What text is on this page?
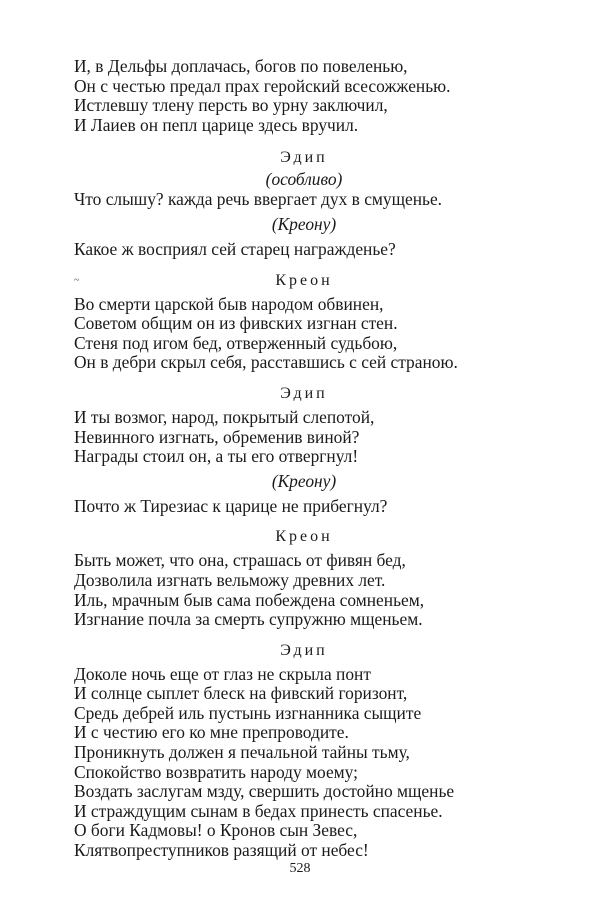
И, в Дельфы доплачась, богов по повеленью,
Он с честью предал прах геройский всесожженью.
Истлевшу тлену персть во урну заключил,
И Лаиев он пепл царице здесь вручил.
Эдип
(особливо)
Что слышу? кажда речь ввергает дух в смущенье.
(Креону)
Какое ж восприял сей старец награжденье?
Креон
~
Во смерти царской быв народом обвинен,
Советом общим он из фивских изгнан стен.
Стеня под игом бед, отверженный судьбою,
Он в дебри скрыл себя, расставшись с сей страною.
Эдип
И ты возмог, народ, покрытый слепотой,
Невинного изгнать, обременив виной?
Награды стоил он, а ты его отвергнул!
(Креону)
Почто ж Тирезиас к царице не прибегнул?
Креон
Быть может, что она, страшась от фивян бед,
Дозволила изгнать вельможу древних лет.
Иль, мрачным быв сама побеждена сомненьем,
Изгнание почла за смерть супружню мщеньем.
Эдип
Доколе ночь еще от глаз не скрыла понт
И солнце сыплет блеск на фивский горизонт,
Средь дебрей иль пустынь изгнанника сыщите
И с честию его ко мне препроводите.
Проникнуть должен я печальной тайны тьму,
Спокойство возвратить народу моему;
Воздать заслугам мзду, свершить достойно мщенье
И страждущим сынам в бедах принесть спасенье.
О боги Кадмовы! о Кронов сын Зевес,
Клятвопреступников разящий от небес!
528
